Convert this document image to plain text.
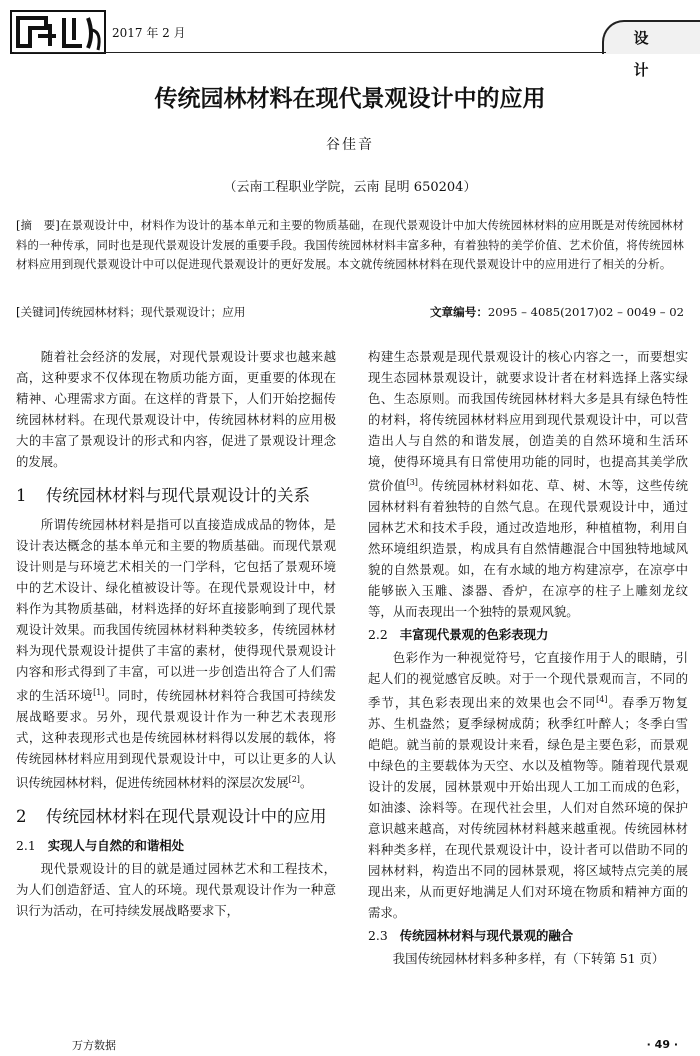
2017 年 2 月	设 计
传统园林材料在现代景观设计中的应用
谷佳音
（云南工程职业学院，云南 昆明 650204）
[摘　要]在景观设计中，材料作为设计的基本单元和主要的物质基础，在现代景观设计中加大传统园林材料的应用既是对传统园林材料的一种传承，同时也是现代景观设计发展的重要手段。我国传统园林材料丰富多种，有着独特的美学价值、艺术价值，将传统园林材料应用到现代景观设计中可以促进现代景观设计的更好发展。本文就传统园林材料在现代景观设计中的应用进行了相关的分析。
[关键词]传统园林材料；现代景观设计；应用	文章编号：2095 – 4085(2017)02 – 0049 – 02

随着社会经济的发展，对现代景观设计要求也越来越高，这种要求不仅体现在物质功能方面，更重要的体现在精神、心理需求方面。在这样的背景下，人们开始挖掘传统园林材料。在现代景观设计中，传统园林材料的应用极大的丰富了景观设计的形式和内容，促进了景观设计理念的发展。

1	传统园林材料与现代景观设计的关系

所谓传统园林材料是指可以直接造成成品的物体，是设计表达概念的基本单元和主要的物质基础。而现代景观设计则是与环境艺术相关的一门学科，它包括了景观环境中的艺术设计、绿化植被设计等。在现代景观设计中，材料作为其物质基础，材料选择的好坏直接影响到了现代景观设计效果。而我国传统园林材料种类较多，传统园林材料为现代景观设计提供了丰富的素材，使得现代景观设计内容和形式得到了丰富，可以进一步创造出符合了人们需求的生活环境[1]。同时，传统园林材料符合我国可持续发展战略要求。另外，现代景观设计作为一种艺术表现形式，这种表现形式也是传统园林材料得以发展的载体，将传统园林材料应用到现代景观设计中，可以让更多的人认识传统园林材料，促进传统园林材料的深层次发展[2]。

2	传统园林材料在现代景观设计中的应用
2.1 实现人与自然的和谐相处

现代景观设计的目的就是通过园林艺术和工程技术，为人们创造舒适、宜人的环境。现代景观设计作为一种意识行为活动，在可持续发展战略要求下，

构建生态景观是现代景观设计的核心内容之一，而要想实现生态园林景观设计，就要求设计者在材料选择上落实绿色、生态原则。而我国传统园林材料大多是具有绿色特性的材料，将传统园林材料应用到现代景观设计中，可以营造出人与自然的和谐发展，创造美的自然环境和生活环境，使得环境具有日常使用功能的同时，也提高其美学欣赏价值[3]。传统园林材料如花、草、树、木等，这些传统园林材料有着独特的自然气息。在现代景观设计中，通过园林艺术和技术手段，通过改造地形，种植植物，利用自然环境组织造景，构成具有自然情趣混合中国独特地域风貌的自然景观。如，在有水域的地方构建凉亭，在凉亭中能够嵌入玉雕、漆器、香炉，在凉亭的柱子上雕刻龙纹等，从而表现出一个独特的景观风貌。

2.2 丰富现代景观的色彩表现力

色彩作为一种视觉符号，它直接作用于人的眼睛，引起人们的视觉感官反映。对于一个现代景观而言，不同的季节，其色彩表现出来的效果也会不同[4]。春季万物复苏、生机盎然；夏季绿树成荫；秋季红叶醉人；冬季白雪皑皑。就当前的景观设计来看，绿色是主要色彩，而景观中绿色的主要载体为天空、水以及植物等。随着现代景观设计的发展，园林景观中开始出现人工加工而成的色彩，如油漆、涂料等。在现代社会里，人们对自然环境的保护意识越来越高，对传统园林材料越来越重视。传统园林材料种类多样，在现代景观设计中，设计者可以借助不同的园林材料，构造出不同的园林景观，将区域特点完美的展现出来，从而更好地满足人们对环境在物质和精神方面的需求。

2.3 传统园林材料与现代景观的融合

我国传统园林材料多种多样，有（下转第 51 页）

万方数据	· 49 ·
